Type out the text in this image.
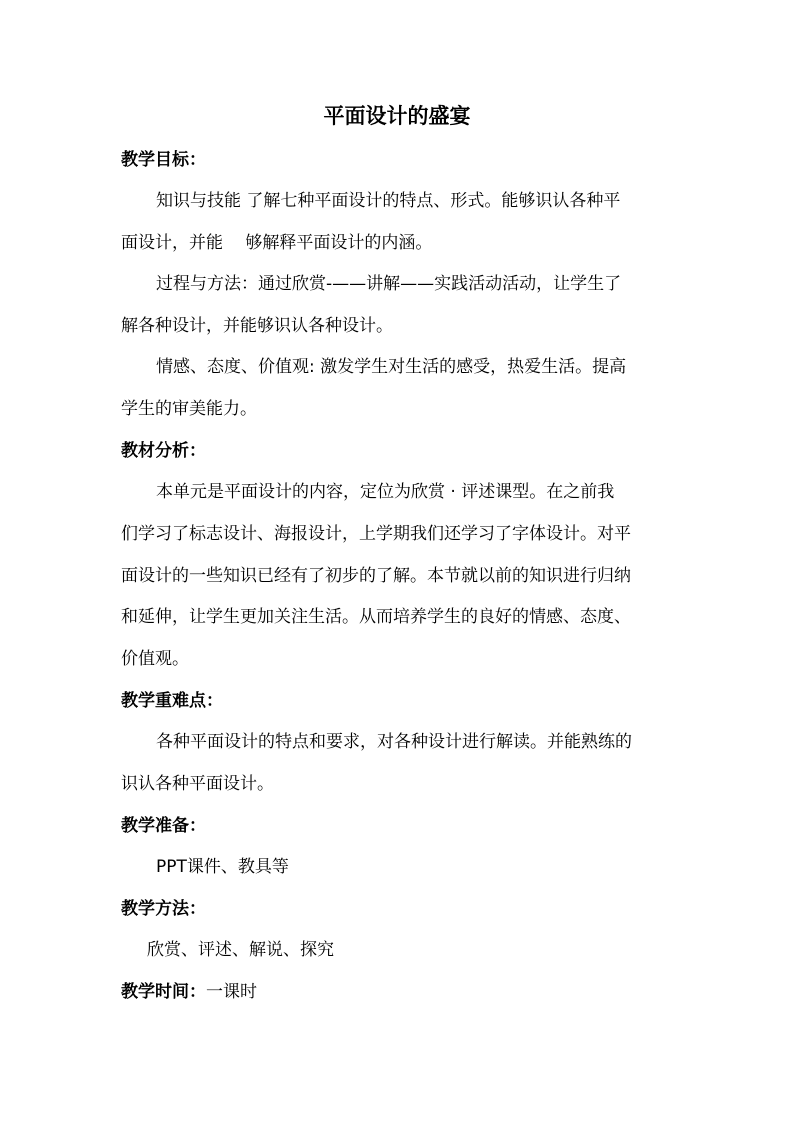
平面设计的盛宴
教学目标：
知识与技能 了解七种平面设计的特点、形式。能够识认各种平
面设计，并能　 够解释平面设计的内涵。
过程与方法：通过欣赏-——讲解——实践活动活动，让学生了
解各种设计，并能够识认各种设计。
情感、态度、价值观: 激发学生对生活的感受，热爱生活。提高
学生的审美能力。
教材分析：
本单元是平面设计的内容，定位为欣赏 · 评述课型。在之前我
们学习了标志设计、海报设计，上学期我们还学习了字体设计。对平
面设计的一些知识已经有了初步的了解。本节就以前的知识进行归纳
和延伸，让学生更加关注生活。从而培养学生的良好的情感、态度、
价值观。
教学重难点：
各种平面设计的特点和要求，对各种设计进行解读。并能熟练的
识认各种平面设计。
教学准备：
PPT课件、教具等
教学方法：
欣赏、评述、解说、探究
教学时间：一课时
